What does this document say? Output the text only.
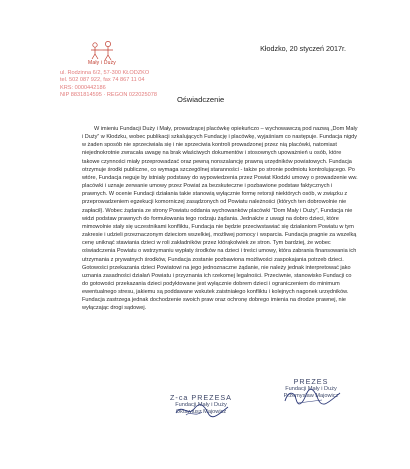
Mały i Duży
ul. Rodzinna 6/2, 57-300 KŁODZKO
tel. 502 087 922, fax 74 867 11 04
KRS: 0000442186
NIP 8831814595 · REGON 022025078
Kłodzko, 20 styczeń 2017r.
Oświadczenie

W imieniu Fundacji Duży i Mały, prowadzącej placówkę opiekuńczo – wychowawczą pod nazwą „Dom Mały i Duży” w Kłodzku, wobec publikacji szkalujących Fundację i placówkę, wyjaśniam co następuje. Fundacja nigdy w żaden sposób nie sprzeciwiała się i nie sprzeciwia kontroli prowadzonej przez nią placówki, natomiast niejednokrotnie zwracała uwagę na brak właściwych dokumentów i stosownych upoważnień u osób, które takowe czynności miały przeprowadzać oraz pewną nonszalancję prawną urzędników powiatowych. Fundacja otrzymuje środki publiczne, co wymaga szczególnej staranności - także po stronie podmiotu kontrolującego. Po wtóre, Fundacja neguje by istniały podstawy do wypowiedzenia przez Powiat Kłodzki umowy o prowadzenie ww. placówki i uznaje zerwanie umowy przez Powiat za bezskuteczne i pozbawione podstaw faktycznych i prawnych. W ocenie Fundacji działania takie stanowią wyłącznie formę retorsji niektórych osób, w związku z przeprowadzeniem egzekucji komorniczej zasądzonych od Powiatu należności (których ten dobrowolnie nie zapłacił). Wobec żądania ze strony Powiatu oddania wychowanków placówki “Dom Mały i Duży”, Fundacja nie widzi podstaw prawnych do formułowania tego rodzaju żądania. Jednakże z uwagi na dobro dzieci, które mimowolnie stały się uczestnikami konfliktu, Fundacja nie będzie przeciwstawiać się działaniom Powiatu w tym zakresie i udzieli przeznaczonym dzieciom wszelkiej, możliwej pomocy i wsparcia. Fundacja pragnie za wszelką cenę uniknąć stawiania dzieci w roli zakładników przez którąkolwiek ze stron. Tym bardziej, że wobec oświadczenia Powiatu o wstrzymaniu wypłaty środków na dzieci i treści umowy, która zabrania finansowania ich utrzymania z prywatnych środków, Fundacja zostanie pozbawiona możliwości zaspokajania potrzeb dzieci. Gotowości przekazania dzieci Powiatowi na jego jednoznaczne żądanie, nie należy jednak interpretować jako uznania zasadności działań Powiatu i przyznania ich rzekomej legalności. Przeciwnie, stanowisko Fundacji co do gotowości przekazania dzieci podyktowane jest wyłącznie dobrem dzieci i ograniczeniem do minimum ewentualnego stresu, jakiemu są poddawane wskutek zaistniałego konfliktu i kolejnych nagonek urzędników. Fundacja zastrzega jednak dochodzenie swoich praw oraz ochronę dobrego imienia na drodze prawnej, nie wyłączając drogi sądowej.

Z-ca PREZESA
Fundacji Mały i Duży
Oktawiusz Majowicz
PREZES
Fundacji Mały i Duży
Przemysław Majowicz
